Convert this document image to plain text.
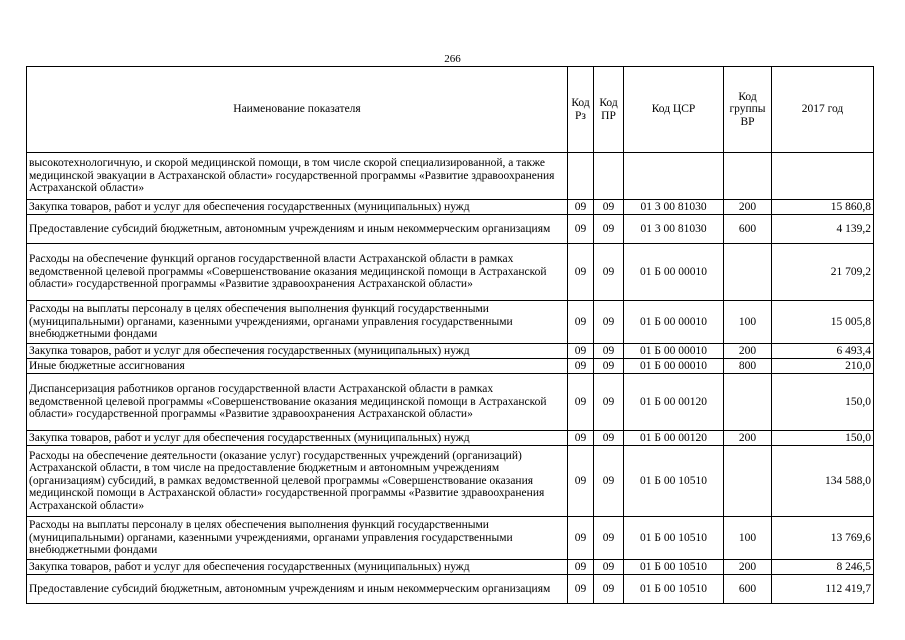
266
Наименование показателя	Код Рз	Код ПР	Код ЦСР	Код группы ВР	2017 год
высокотехнологичную, и скорой медицинской помощи, в том числе скорой специализированной, а также медицинской эвакуации в Астраханской области» государственной программы «Развитие здравоохранения Астраханской области»					
Закупка товаров, работ и услуг для обеспечения государственных (муниципальных) нужд	09	09	01 3 00 81030	200	15 860,8
Предоставление субсидий бюджетным, автономным учреждениям и иным некоммерческим организациям	09	09	01 3 00 81030	600	4 139,2
Расходы на обеспечение функций органов государственной власти Астраханской области в рамках ведомственной целевой программы «Совершенствование оказания медицинской помощи в Астраханской области» государственной программы «Развитие здравоохранения Астраханской области»	09	09	01 Б 00 00010		21 709,2
Расходы на выплаты персоналу в целях обеспечения выполнения функций государственными (муниципальными) органами, казенными учреждениями, органами управления государственными внебюджетными фондами	09	09	01 Б 00 00010	100	15 005,8
Закупка товаров, работ и услуг для обеспечения государственных (муниципальных) нужд	09	09	01 Б 00 00010	200	6 493,4
Иные бюджетные ассигнования	09	09	01 Б 00 00010	800	210,0
Диспансеризация работников органов государственной власти Астраханской области в рамках ведомственной целевой программы «Совершенствование оказания медицинской помощи в Астраханской области» государственной программы «Развитие здравоохранения Астраханской области»	09	09	01 Б 00 00120		150,0
Закупка товаров, работ и услуг для обеспечения государственных (муниципальных) нужд	09	09	01 Б 00 00120	200	150,0
Расходы на обеспечение деятельности (оказание услуг) государственных учреждений (организаций) Астраханской области, в том числе на предоставление бюджетным и автономным учреждениям (организациям) субсидий, в рамках ведомственной целевой программы «Совершенствование оказания медицинской помощи в Астраханской области» государственной программы «Развитие здравоохранения Астраханской области»	09	09	01 Б 00 10510		134 588,0
Расходы на выплаты персоналу в целях обеспечения выполнения функций государственными (муниципальными) органами, казенными учреждениями, органами управления государственными внебюджетными фондами	09	09	01 Б 00 10510	100	13 769,6
Закупка товаров, работ и услуг для обеспечения государственных (муниципальных) нужд	09	09	01 Б 00 10510	200	8 246,5
Предоставление субсидий бюджетным, автономным учреждениям и иным некоммерческим организациям	09	09	01 Б 00 10510	600	112 419,7
